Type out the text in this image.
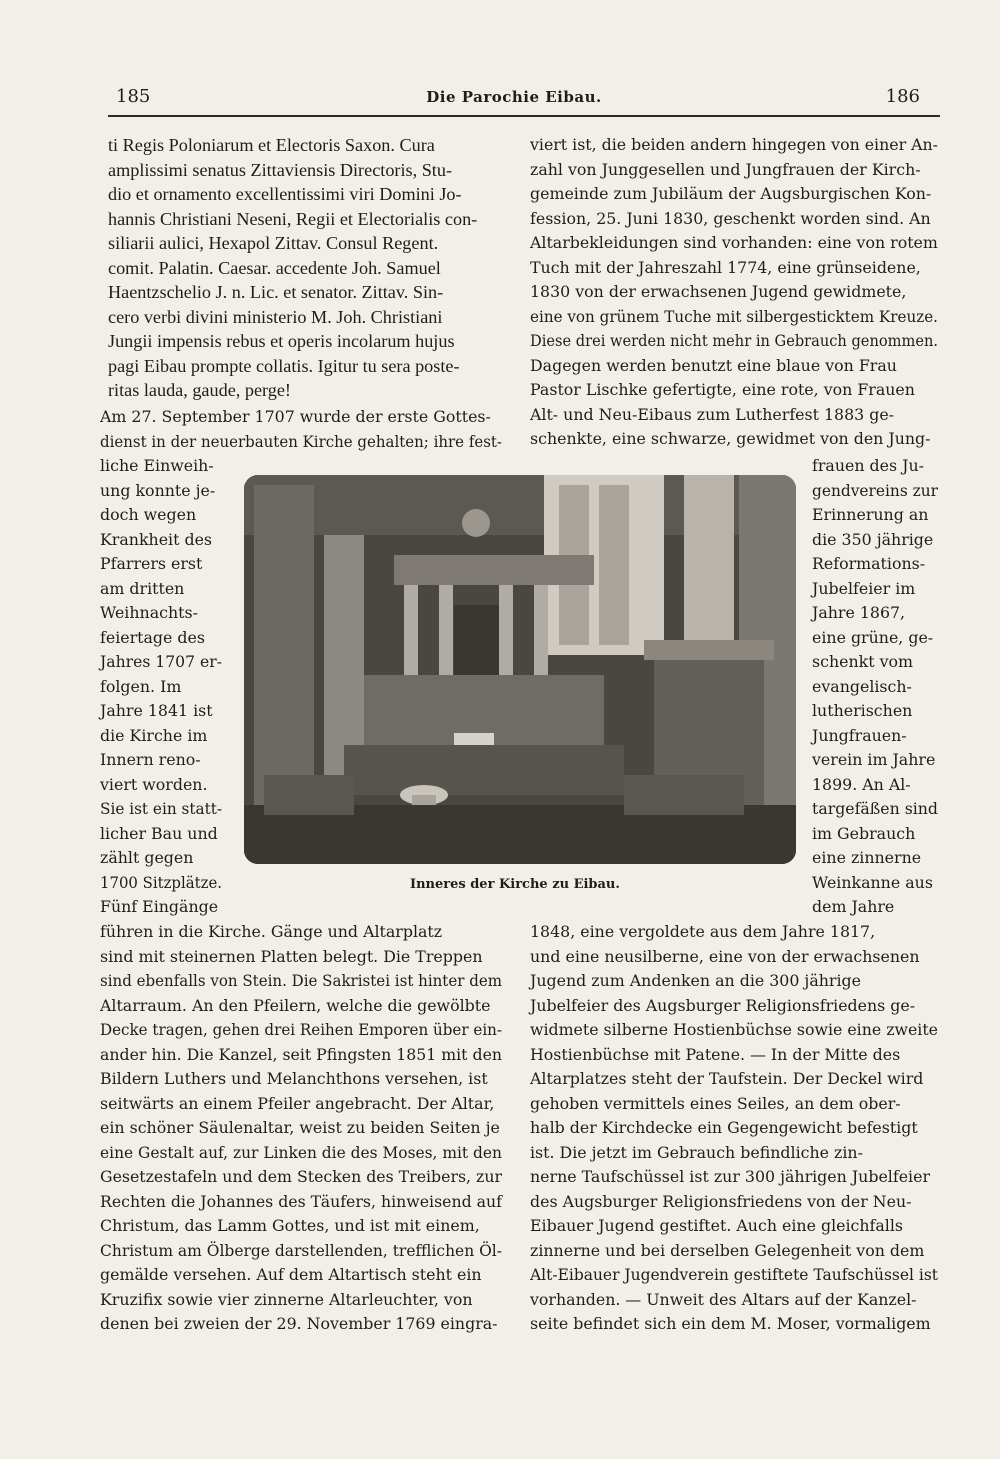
185	Die Parochie Eibau.	186
ti Regis Poloniarum et Electoris Saxon. Cura
amplissimi senatus Zittaviensis Directoris, Stu-
dio et ornamento excellentissimi viri Domini Jo-
hannis Christiani Neseni, Regii et Electorialis con-
siliarii aulici, Hexapol Zittav. Consul Regent.
comit. Palatin. Caesar. accedente Joh. Samuel
Haentzschelio J. n. Lic. et senator. Zittav. Sin-
cero verbi divini ministerio M. Joh. Christiani
Jungii impensis rebus et operis incolarum hujus
pagi Eibau prompte collatis. Igitur tu sera poste-
ritas lauda, gaude, perge!
Am 27. September 1707 wurde der erste Gottes-
dienst in der neuerbauten Kirche gehalten; ihre fest-
liche Einweih-
ung konnte je-
doch wegen
Krankheit des
Pfarrers erst
am dritten
Weihnachts-
feiertage des
Jahres 1707 er-
folgen. Im
Jahre 1841 ist
die Kirche im
Innern reno-
viert worden.
Sie ist ein statt-
licher Bau und
zählt gegen
1700 Sitzplätze.
Fünf Eingänge
führen in die Kirche. Gänge und Altarplatz
sind mit steinernen Platten belegt. Die Treppen
sind ebenfalls von Stein. Die Sakristei ist hinter dem
Altarraum. An den Pfeilern, welche die gewölbte
Decke tragen, gehen drei Reihen Emporen über ein-
ander hin. Die Kanzel, seit Pfingsten 1851 mit den
Bildern Luthers und Melanchthons versehen, ist
seitwärts an einem Pfeiler angebracht. Der Altar,
ein schöner Säulenaltar, weist zu beiden Seiten je
eine Gestalt auf, zur Linken die des Moses, mit den
Gesetzestafeln und dem Stecken des Treibers, zur
Rechten die Johannes des Täufers, hinweisend auf
Christum, das Lamm Gottes, und ist mit einem,
Christum am Ölberge darstellenden, trefflichen Öl-
gemälde versehen. Auf dem Altartisch steht ein
Kruzifix sowie vier zinnerne Altarleuchter, von
denen bei zweien der 29. November 1769 eingra-
viert ist, die beiden andern hingegen von einer An-
zahl von Junggesellen und Jungfrauen der Kirch-
gemeinde zum Jubiläum der Augsburgischen Kon-
fession, 25. Juni 1830, geschenkt worden sind. An
Altarbekleidungen sind vorhanden: eine von rotem
Tuch mit der Jahreszahl 1774, eine grünseidene,
1830 von der erwachsenen Jugend gewidmete,
eine von grünem Tuche mit silbergesticktem Kreuze.
Diese drei werden nicht mehr in Gebrauch genommen.
Dagegen werden benutzt eine blaue von Frau
Pastor Lischke gefertigte, eine rote, von Frauen
Alt- und Neu-Eibaus zum Lutherfest 1883 ge-
schenkte, eine schwarze, gewidmet von den Jung-
frauen des Ju-
gendvereins zur
Erinnerung an
die 350 jährige
Reformations-
Jubelfeier im
Jahre 1867,
eine grüne, ge-
schenkt vom
evangelisch-
lutherischen
Jungfrauen-
verein im Jahre
1899. An Al-
targefäßen sind
im Gebrauch
eine zinnerne
Weinkanne aus
dem Jahre
1848, eine vergoldete aus dem Jahre 1817,
und eine neusilberne, eine von der erwachsenen
Jugend zum Andenken an die 300 jährige
Jubelfeier des Augsburger Religionsfriedens ge-
widmete silberne Hostienbüchse sowie eine zweite
Hostienbüchse mit Patene. — In der Mitte des
Altarplatzes steht der Taufstein. Der Deckel wird
gehoben vermittels eines Seiles, an dem ober-
halb der Kirchdecke ein Gegengewicht befestigt
ist. Die jetzt im Gebrauch befindliche zin-
nerne Taufschüssel ist zur 300 jährigen Jubelfeier
des Augsburger Religionsfriedens von der Neu-
Eibauer Jugend gestiftet. Auch eine gleichfalls
zinnerne und bei derselben Gelegenheit von dem
Alt-Eibauer Jugendverein gestiftete Taufschüssel ist
vorhanden. — Unweit des Altars auf der Kanzel-
seite befindet sich ein dem M. Moser, vormaligem
Inneres der Kirche zu Eibau.
